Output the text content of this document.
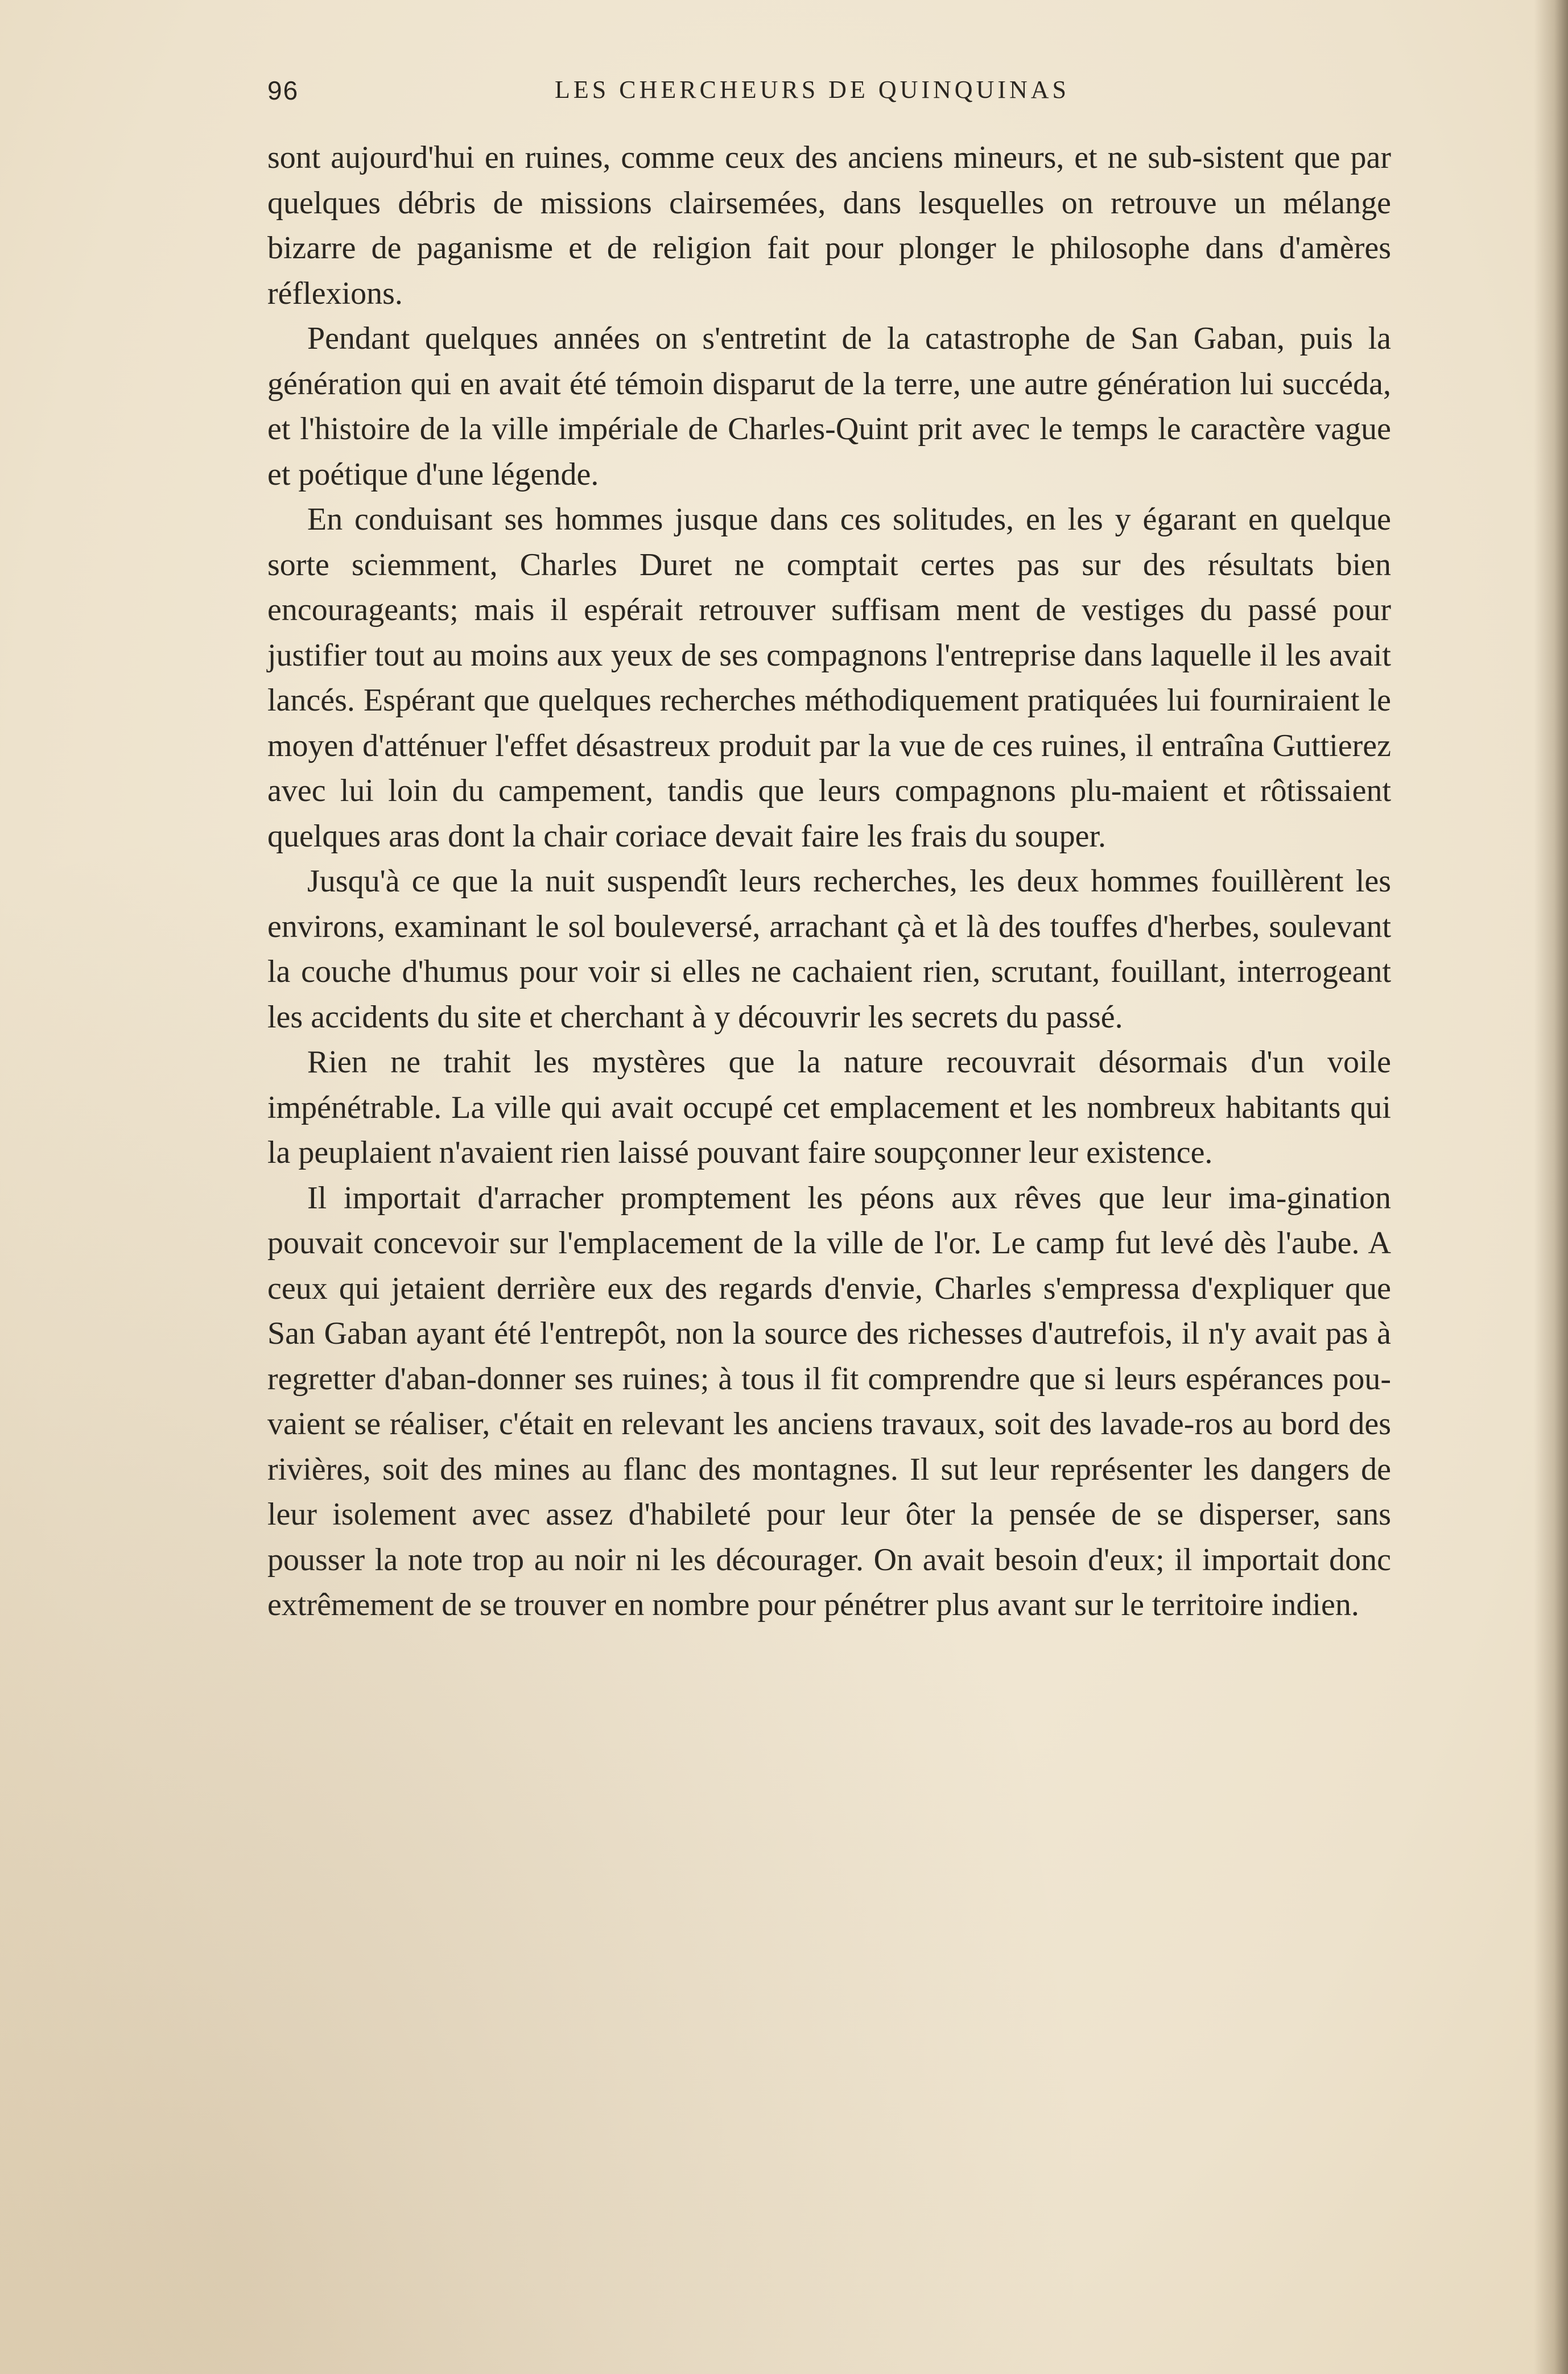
96	LES CHERCHEURS DE QUINQUINAS

sont aujourd'hui en ruines, comme ceux des anciens mineurs, et ne sub-sistent que par quelques débris de missions clairsemées, dans lesquelles on retrouve un mélange bizarre de paganisme et de religion fait pour plonger le philosophe dans d'amères réflexions.

Pendant quelques années on s'entretint de la catastrophe de San Gaban, puis la génération qui en avait été témoin disparut de la terre, une autre génération lui succéda, et l'histoire de la ville impériale de Charles-Quint prit avec le temps le caractère vague et poétique d'une légende.

En conduisant ses hommes jusque dans ces solitudes, en les y égarant en quelque sorte sciemment, Charles Duret ne comptait certes pas sur des résultats bien encourageants; mais il espérait retrouver suffisam ment de vestiges du passé pour justifier tout au moins aux yeux de ses compagnons l'entreprise dans laquelle il les avait lancés. Espérant que quelques recherches méthodiquement pratiquées lui fourniraient le moyen d'atténuer l'effet désastreux produit par la vue de ces ruines, il entraîna Guttierez avec lui loin du campement, tandis que leurs compagnons plu-maient et rôtissaient quelques aras dont la chair coriace devait faire les frais du souper.

Jusqu'à ce que la nuit suspendît leurs recherches, les deux hommes fouillèrent les environs, examinant le sol bouleversé, arrachant çà et là des touffes d'herbes, soulevant la couche d'humus pour voir si elles ne cachaient rien, scrutant, fouillant, interrogeant les accidents du site et cherchant à y découvrir les secrets du passé.

Rien ne trahit les mystères que la nature recouvrait désormais d'un voile impénétrable. La ville qui avait occupé cet emplacement et les nombreux habitants qui la peuplaient n'avaient rien laissé pouvant faire soupçonner leur existence.

Il importait d'arracher promptement les péons aux rêves que leur ima-gination pouvait concevoir sur l'emplacement de la ville de l'or. Le camp fut levé dès l'aube. A ceux qui jetaient derrière eux des regards d'envie, Charles s'empressa d'expliquer que San Gaban ayant été l'entrepôt, non la source des richesses d'autrefois, il n'y avait pas à regretter d'aban-donner ses ruines; à tous il fit comprendre que si leurs espérances pou-vaient se réaliser, c'était en relevant les anciens travaux, soit des lavade-ros au bord des rivières, soit des mines au flanc des montagnes. Il sut leur représenter les dangers de leur isolement avec assez d'habileté pour leur ôter la pensée de se disperser, sans pousser la note trop au noir ni les décourager. On avait besoin d'eux; il importait donc extrêmement de se trouver en nombre pour pénétrer plus avant sur le territoire indien.
